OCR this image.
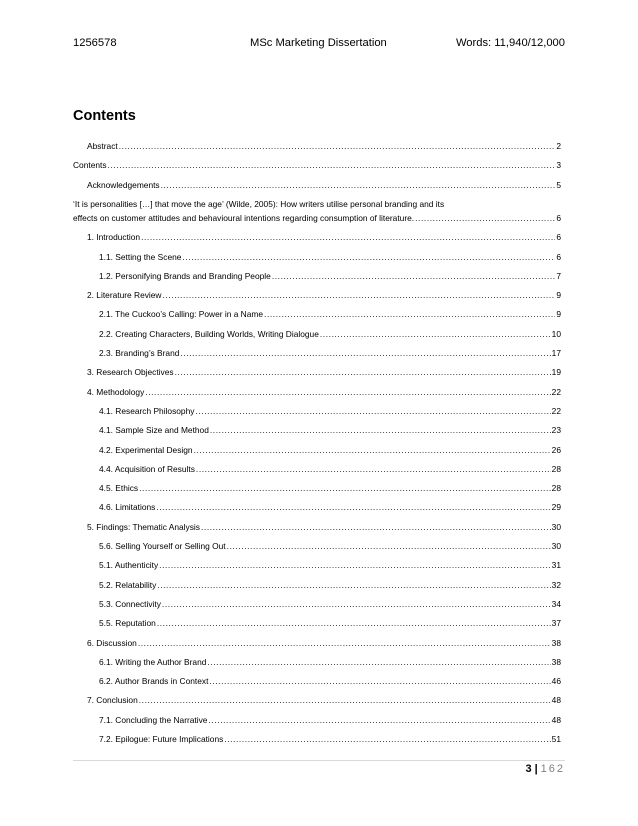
1256578	MSc Marketing Dissertation	Words: 11,940/12,000
Contents
Abstract .....	2
Contents .....	3
Acknowledgements .....	5
‘It is personalities […] that move the age’ (Wilde, 2005): How writers utilise personal branding and its
effects on customer attitudes and behavioural intentions regarding consumption of literature. .....	6
1. Introduction .....	6
1.1. Setting the Scene .....	6
1.2. Personifying Brands and Branding People .....	7
2. Literature Review .....	9
2.1. The Cuckoo’s Calling: Power in a Name .....	9
2.2. Creating Characters, Building Worlds, Writing Dialogue .....	10
2.3. Branding’s Brand .....	17
3. Research Objectives .....	19
4. Methodology .....	22
4.1. Research Philosophy .....	22
4.1. Sample Size and Method .....	23
4.2. Experimental Design .....	26
4.4. Acquisition of Results .....	28
4.5. Ethics .....	28
4.6. Limitations .....	29
5. Findings: Thematic Analysis .....	30
5.6. Selling Yourself or Selling Out .....	30
5.1. Authenticity .....	31
5.2. Relatability .....	32
5.3. Connectivity .....	34
5.5. Reputation .....	37
6. Discussion .....	38
6.1. Writing the Author Brand .....	38
6.2. Author Brands in Context .....	46
7. Conclusion .....	48
7.1. Concluding the Narrative .....	48
7.2. Epilogue: Future Implications .....	51
3 | 162
